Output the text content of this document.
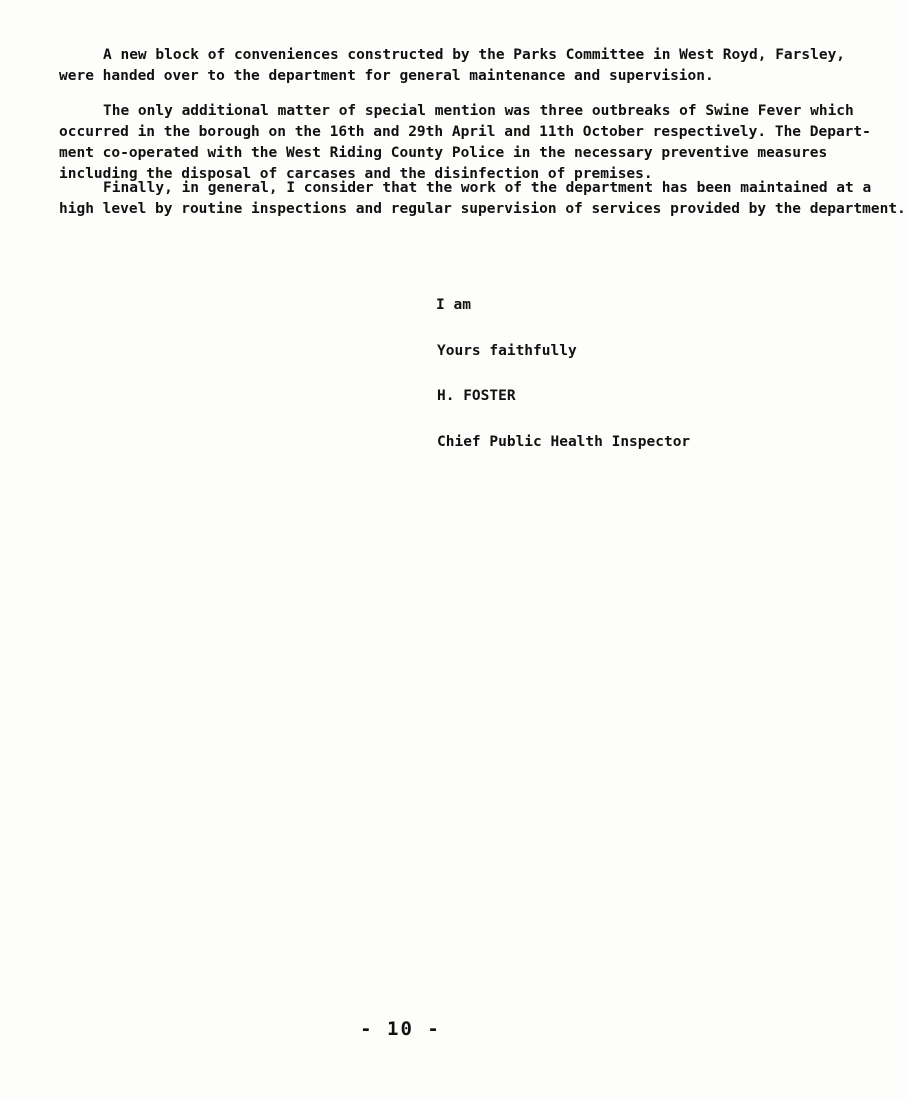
A new block of conveniences constructed by the Parks Committee in West Royd, Farsley,
were handed over to the department for general maintenance and supervision.
The only additional matter of special mention was three outbreaks of Swine Fever which
occurred in the borough on the 16th and 29th April and 11th October respectively. The Depart-
ment co-operated with the West Riding County Police in the necessary preventive measures
including the disposal of carcases and the disinfection of premises.
Finally, in general, I consider that the work of the department has been maintained at a
high level by routine inspections and regular supervision of services provided by the department.
I am
Yours faithfully
H. FOSTER
Chief Public Health Inspector
- 10 -
